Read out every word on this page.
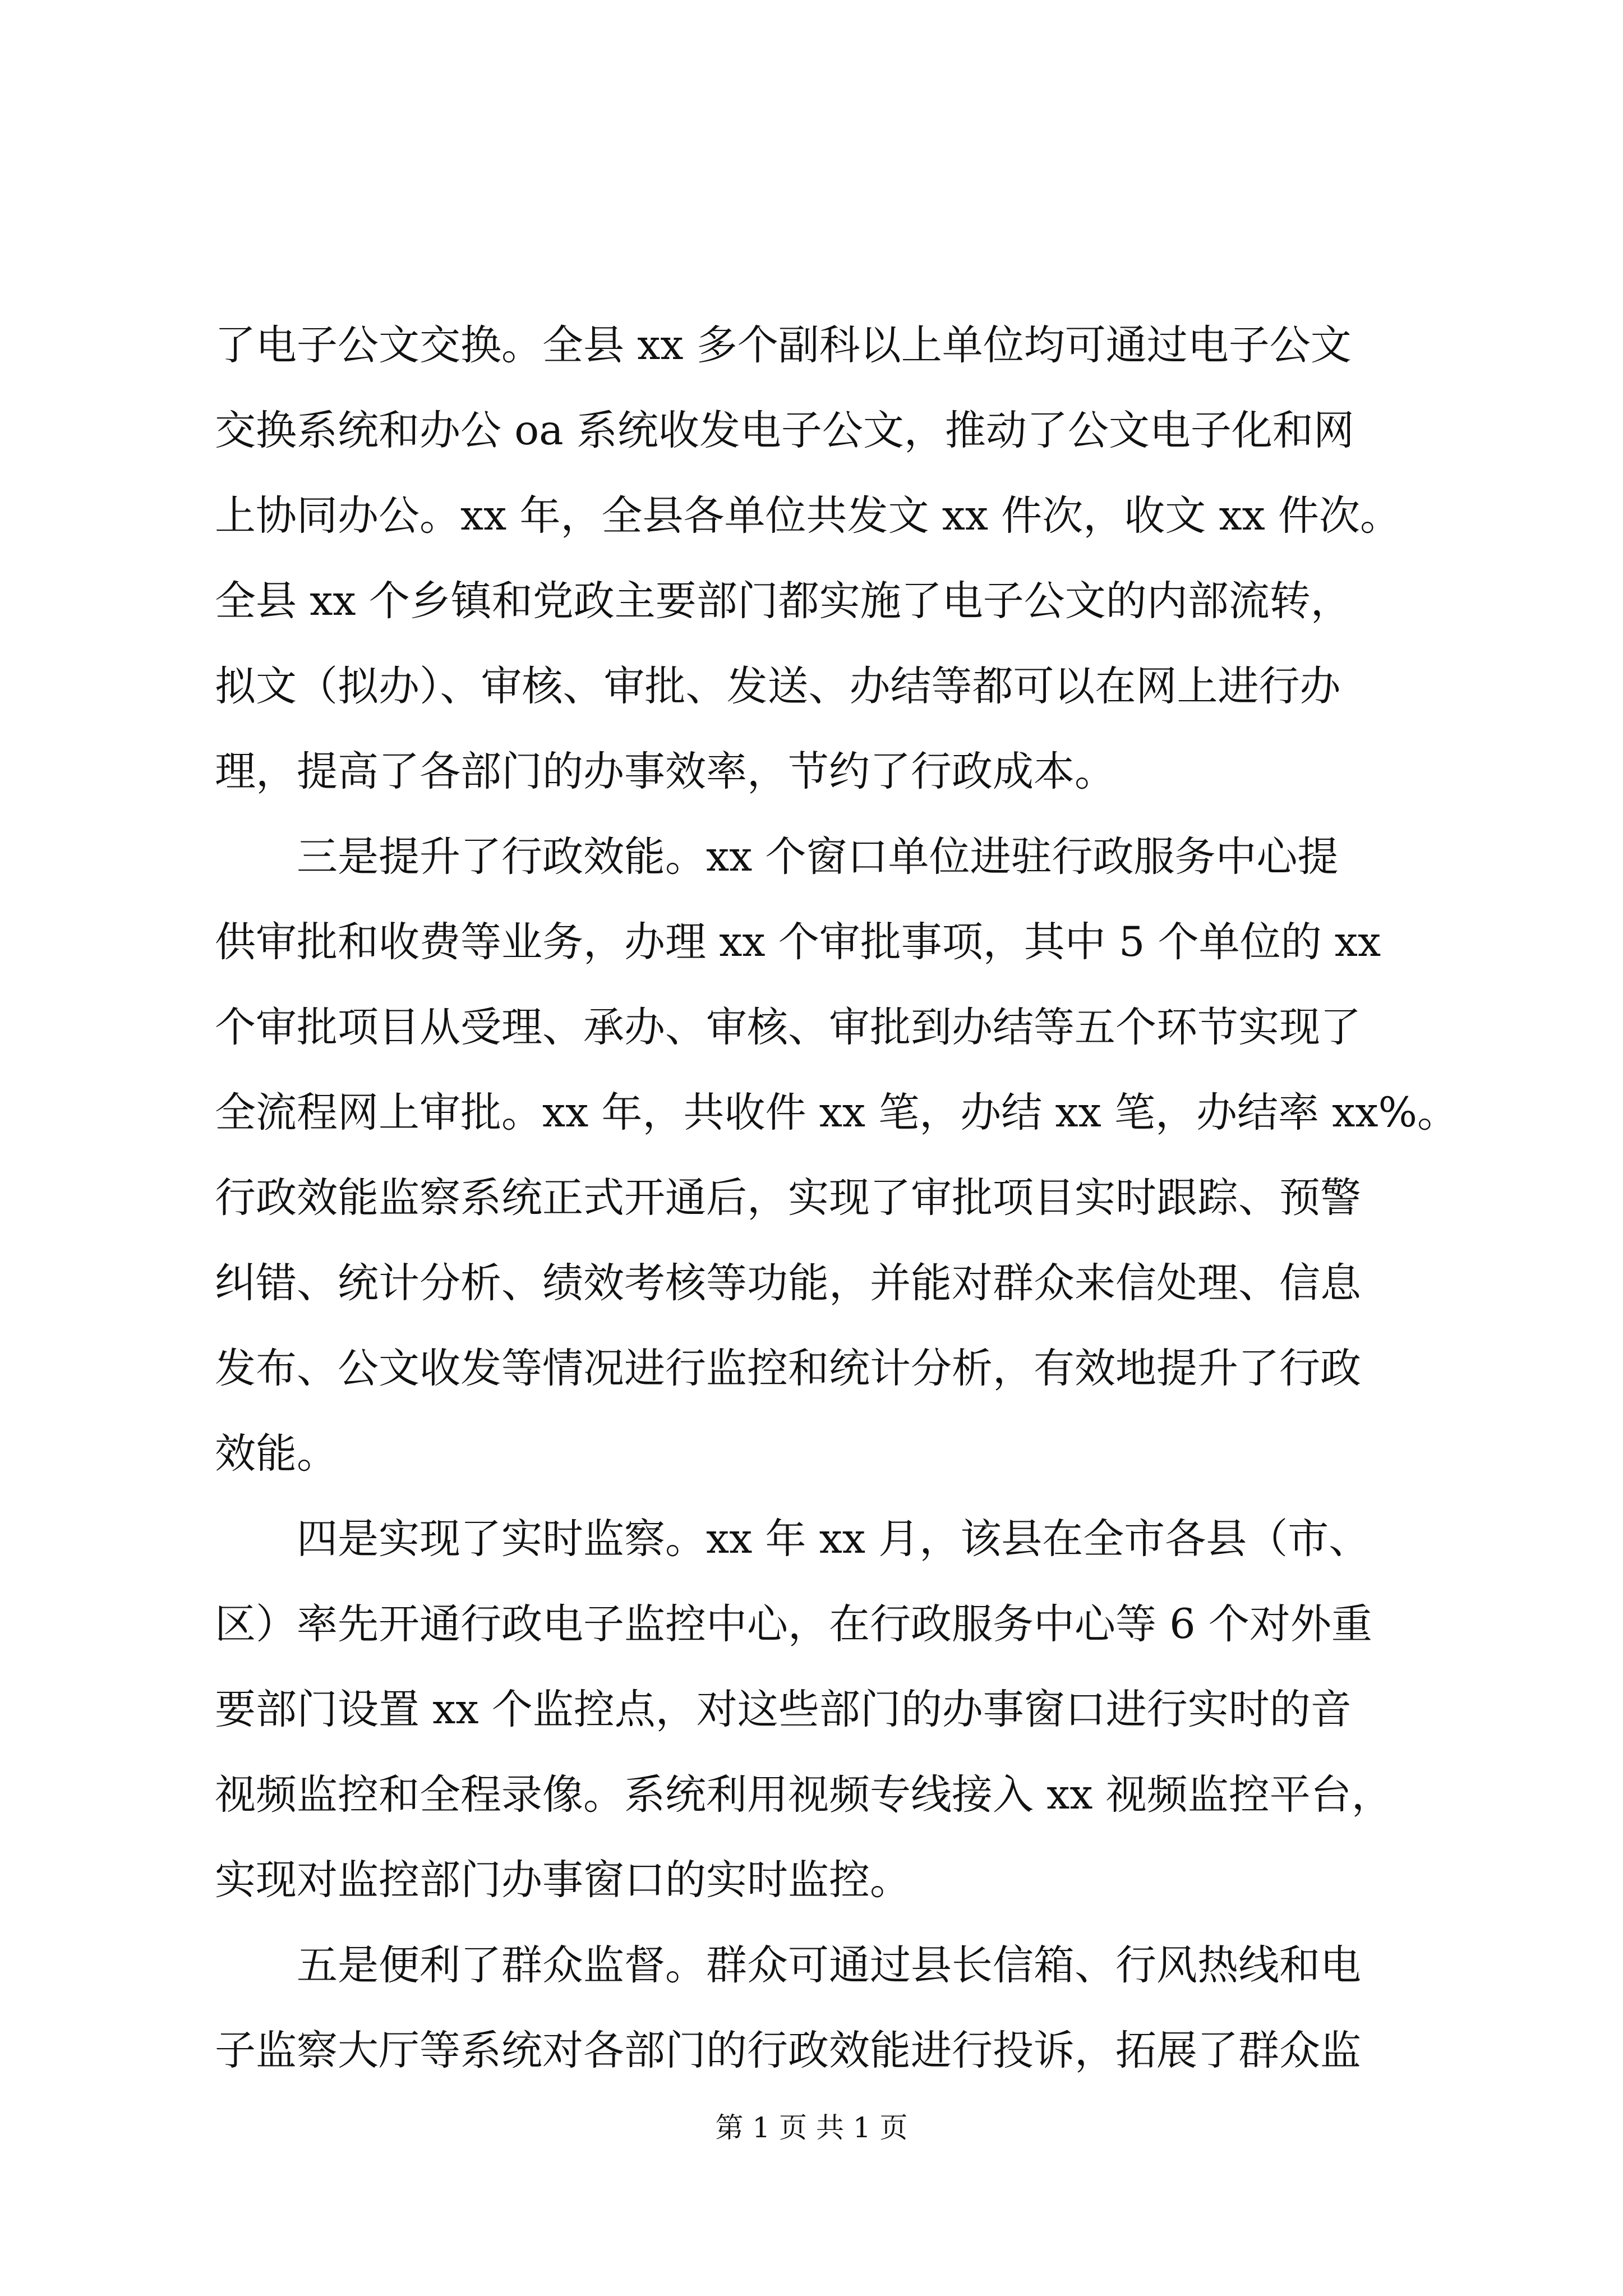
了电子公文交换。全县 xx 多个副科以上单位均可通过电子公文
交换系统和办公 oa 系统收发电子公文，推动了公文电子化和网
上协同办公。xx 年，全县各单位共发文 xx 件次，收文 xx 件次。
全县 xx 个乡镇和党政主要部门都实施了电子公文的内部流转，
拟文（拟办）、审核、审批、发送、办结等都可以在网上进行办
理，提高了各部门的办事效率，节约了行政成本。
　　三是提升了行政效能。xx 个窗口单位进驻行政服务中心提
供审批和收费等业务，办理 xx 个审批事项，其中 5 个单位的 xx
个审批项目从受理、承办、审核、审批到办结等五个环节实现了
全流程网上审批。xx 年，共收件 xx 笔，办结 xx 笔，办结率 xx%。
行政效能监察系统正式开通后，实现了审批项目实时跟踪、预警
纠错、统计分析、绩效考核等功能，并能对群众来信处理、信息
发布、公文收发等情况进行监控和统计分析，有效地提升了行政
效能。
　　四是实现了实时监察。xx 年 xx 月，该县在全市各县（市、
区）率先开通行政电子监控中心，在行政服务中心等 6 个对外重
要部门设置 xx 个监控点，对这些部门的办事窗口进行实时的音
视频监控和全程录像。系统利用视频专线接入 xx 视频监控平台，
实现对监控部门办事窗口的实时监控。
　　五是便利了群众监督。群众可通过县长信箱、行风热线和电
子监察大厅等系统对各部门的行政效能进行投诉，拓展了群众监
第 1 页 共 1 页
